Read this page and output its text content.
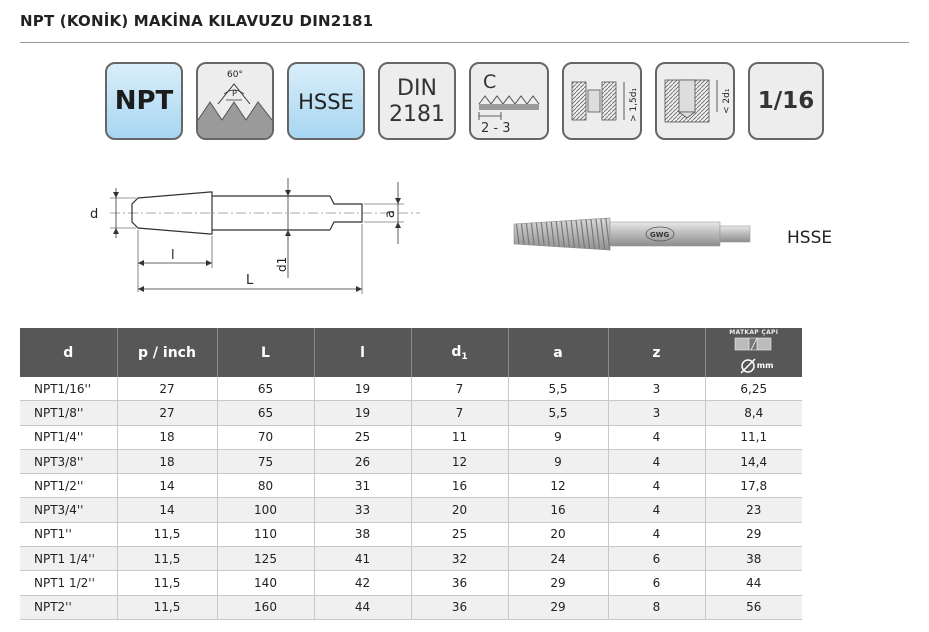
NPT (KONİK) MAKİNA KILAVUZU DIN2181
NPT
60°
P	HSSE
DIN
2181
C
2 - 3
> 1,5d₁	< 2d₁	1/16
d
d1
a
l
L
GWG	HSSE
d	p / inch	L	l	$d_1$	a	z	MATKAP ÇAPI
mm

NPT1/16''	27	65	19	7	5,5	3	6,25
NPT1/8''	27	65	19	7	5,5	3	8,4
NPT1/4''	18	70	25	11	9	4	11,1
NPT3/8''	18	75	26	12	9	4	14,4
NPT1/2''	14	80	31	16	12	4	17,8
NPT3/4''	14	100	33	20	16	4	23
NPT1''	11,5	110	38	25	20	4	29
NPT1 1/4''	11,5	125	41	32	24	6	38
NPT1 1/2''	11,5	140	42	36	29	6	44
NPT2''	11,5	160	44	36	29	8	56
